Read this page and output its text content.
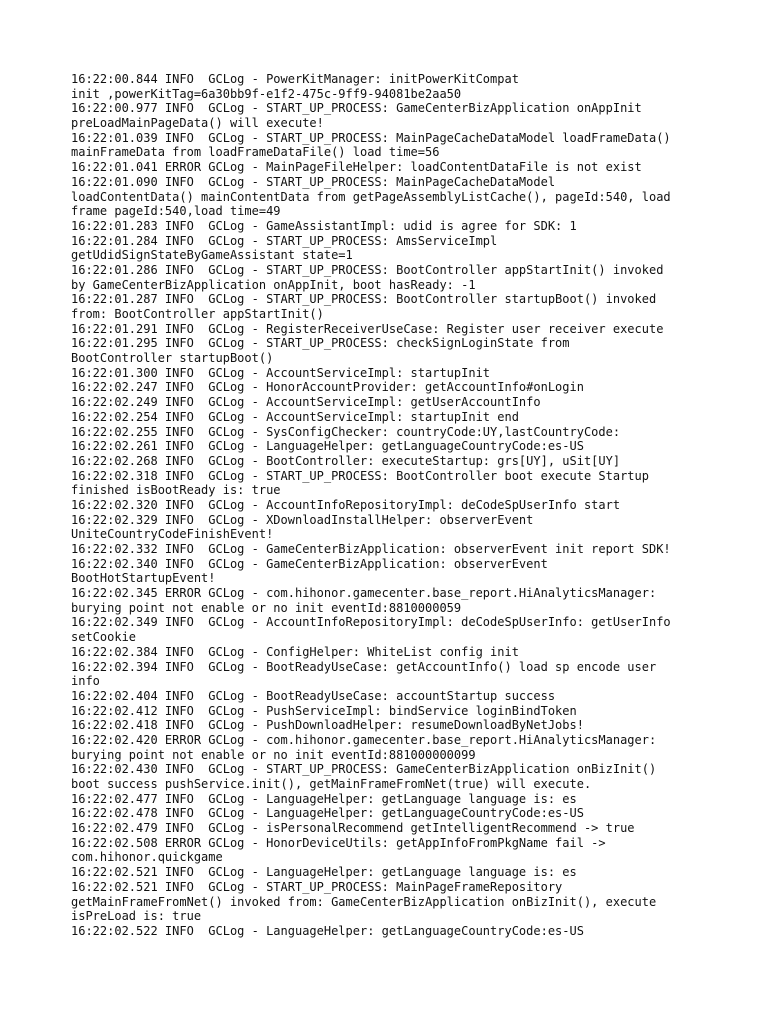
16:22:00.844 INFO  GCLog - PowerKitManager: initPowerKitCompat
init ,powerKitTag=6a30bb9f-e1f2-475c-9ff9-94081be2aa50
16:22:00.977 INFO  GCLog - START_UP_PROCESS: GameCenterBizApplication onAppInit
preLoadMainPageData() will execute!
16:22:01.039 INFO  GCLog - START_UP_PROCESS: MainPageCacheDataModel loadFrameData()
mainFrameData from loadFrameDataFile() load time=56
16:22:01.041 ERROR GCLog - MainPageFileHelper: loadContentDataFile is not exist
16:22:01.090 INFO  GCLog - START_UP_PROCESS: MainPageCacheDataModel
loadContentData() mainContentData from getPageAssemblyListCache(), pageId:540, load
frame pageId:540,load time=49
16:22:01.283 INFO  GCLog - GameAssistantImpl: udid is agree for SDK: 1
16:22:01.284 INFO  GCLog - START_UP_PROCESS: AmsServiceImpl
getUdidSignStateByGameAssistant state=1
16:22:01.286 INFO  GCLog - START_UP_PROCESS: BootController appStartInit() invoked
by GameCenterBizApplication onAppInit, boot hasReady: -1
16:22:01.287 INFO  GCLog - START_UP_PROCESS: BootController startupBoot() invoked
from: BootController appStartInit()
16:22:01.291 INFO  GCLog - RegisterReceiverUseCase: Register user receiver execute
16:22:01.295 INFO  GCLog - START_UP_PROCESS: checkSignLoginState from
BootController startupBoot()
16:22:01.300 INFO  GCLog - AccountServiceImpl: startupInit
16:22:02.247 INFO  GCLog - HonorAccountProvider: getAccountInfo#onLogin
16:22:02.249 INFO  GCLog - AccountServiceImpl: getUserAccountInfo
16:22:02.254 INFO  GCLog - AccountServiceImpl: startupInit end
16:22:02.255 INFO  GCLog - SysConfigChecker: countryCode:UY,lastCountryCode:
16:22:02.261 INFO  GCLog - LanguageHelper: getLanguageCountryCode:es-US
16:22:02.268 INFO  GCLog - BootController: executeStartup: grs[UY], uSit[UY]
16:22:02.318 INFO  GCLog - START_UP_PROCESS: BootController boot execute Startup
finished isBootReady is: true
16:22:02.320 INFO  GCLog - AccountInfoRepositoryImpl: deCodeSpUserInfo start
16:22:02.329 INFO  GCLog - XDownloadInstallHelper: observerEvent
UniteCountryCodeFinishEvent!
16:22:02.332 INFO  GCLog - GameCenterBizApplication: observerEvent init report SDK!
16:22:02.340 INFO  GCLog - GameCenterBizApplication: observerEvent
BootHotStartupEvent!
16:22:02.345 ERROR GCLog - com.hihonor.gamecenter.base_report.HiAnalyticsManager:
burying point not enable or no init eventId:8810000059
16:22:02.349 INFO  GCLog - AccountInfoRepositoryImpl: deCodeSpUserInfo: getUserInfo
setCookie
16:22:02.384 INFO  GCLog - ConfigHelper: WhiteList config init
16:22:02.394 INFO  GCLog - BootReadyUseCase: getAccountInfo() load sp encode user
info
16:22:02.404 INFO  GCLog - BootReadyUseCase: accountStartup success
16:22:02.412 INFO  GCLog - PushServiceImpl: bindService loginBindToken
16:22:02.418 INFO  GCLog - PushDownloadHelper: resumeDownloadByNetJobs!
16:22:02.420 ERROR GCLog - com.hihonor.gamecenter.base_report.HiAnalyticsManager:
burying point not enable or no init eventId:881000000099
16:22:02.430 INFO  GCLog - START_UP_PROCESS: GameCenterBizApplication onBizInit()
boot success pushService.init(), getMainFrameFromNet(true) will execute.
16:22:02.477 INFO  GCLog - LanguageHelper: getLanguage language is: es
16:22:02.478 INFO  GCLog - LanguageHelper: getLanguageCountryCode:es-US
16:22:02.479 INFO  GCLog - isPersonalRecommend getIntelligentRecommend -> true
16:22:02.508 ERROR GCLog - HonorDeviceUtils: getAppInfoFromPkgName fail ->
com.hihonor.quickgame
16:22:02.521 INFO  GCLog - LanguageHelper: getLanguage language is: es
16:22:02.521 INFO  GCLog - START_UP_PROCESS: MainPageFrameRepository
getMainFrameFromNet() invoked from: GameCenterBizApplication onBizInit(), execute
isPreLoad is: true
16:22:02.522 INFO  GCLog - LanguageHelper: getLanguageCountryCode:es-US
